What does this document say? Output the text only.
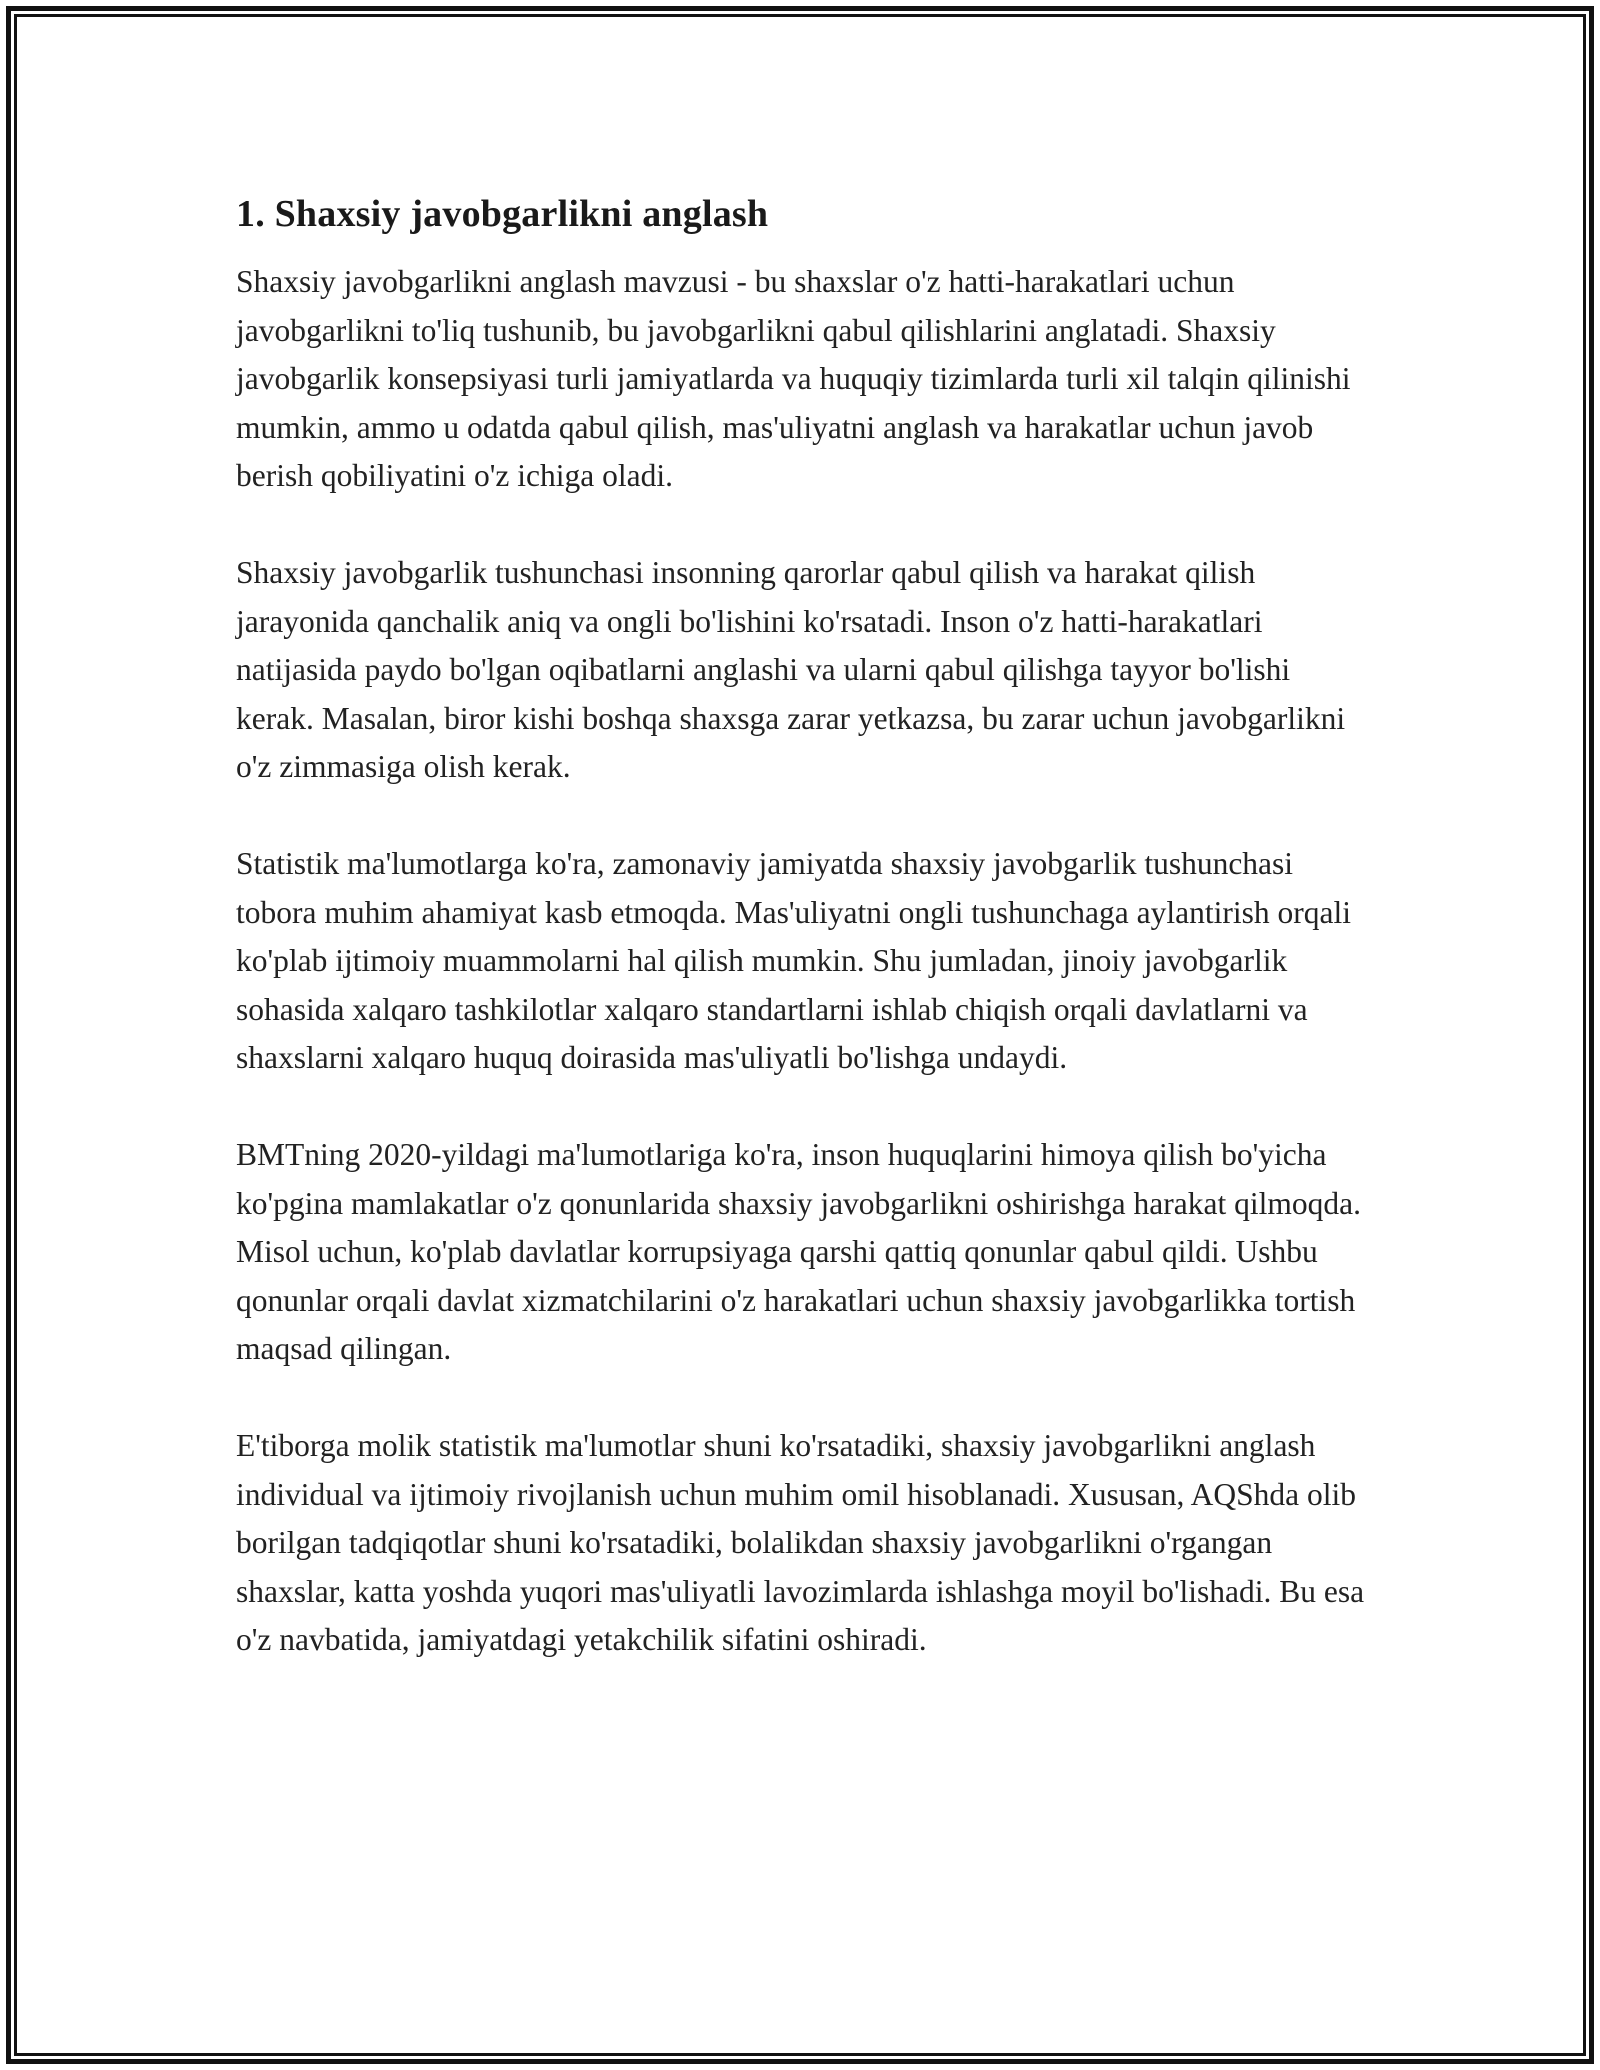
1. Shaxsiy javobgarlikni anglash

Shaxsiy javobgarlikni anglash mavzusi - bu shaxslar o'z hatti-harakatlari uchun javobgarlikni to'liq tushunib, bu javobgarlikni qabul qilishlarini anglatadi. Shaxsiy javobgarlik konsepsiyasi turli jamiyatlarda va huquqiy tizimlarda turli xil talqin qilinishi mumkin, ammo u odatda qabul qilish, mas'uliyatni anglash va harakatlar uchun javob berish qobiliyatini o'z ichiga oladi.

Shaxsiy javobgarlik tushunchasi insonning qarorlar qabul qilish va harakat qilish jarayonida qanchalik aniq va ongli bo'lishini ko'rsatadi. Inson o'z hatti-harakatlari natijasida paydo bo'lgan oqibatlarni anglashi va ularni qabul qilishga tayyor bo'lishi kerak. Masalan, biror kishi boshqa shaxsga zarar yetkazsa, bu zarar uchun javobgarlikni o'z zimmasiga olish kerak.

Statistik ma'lumotlarga ko'ra, zamonaviy jamiyatda shaxsiy javobgarlik tushunchasi tobora muhim ahamiyat kasb etmoqda. Mas'uliyatni ongli tushunchaga aylantirish orqali ko'plab ijtimoiy muammolarni hal qilish mumkin. Shu jumladan, jinoiy javobgarlik sohasida xalqaro tashkilotlar xalqaro standartlarni ishlab chiqish orqali davlatlarni va shaxslarni xalqaro huquq doirasida mas'uliyatli bo'lishga undaydi.

BMTning 2020-yildagi ma'lumotlariga ko'ra, inson huquqlarini himoya qilish bo'yicha ko'pgina mamlakatlar o'z qonunlarida shaxsiy javobgarlikni oshirishga harakat qilmoqda. Misol uchun, ko'plab davlatlar korrupsiyaga qarshi qattiq qonunlar qabul qildi. Ushbu qonunlar orqali davlat xizmatchilarini o'z harakatlari uchun shaxsiy javobgarlikka tortish maqsad qilingan.

E'tiborga molik statistik ma'lumotlar shuni ko'rsatadiki, shaxsiy javobgarlikni anglash individual va ijtimoiy rivojlanish uchun muhim omil hisoblanadi. Xususan, AQShda olib borilgan tadqiqotlar shuni ko'rsatadiki, bolalikdan shaxsiy javobgarlikni o'rgangan shaxslar, katta yoshda yuqori mas'uliyatli lavozimlarda ishlashga moyil bo'lishadi. Bu esa o'z navbatida, jamiyatdagi yetakchilik sifatini oshiradi.
